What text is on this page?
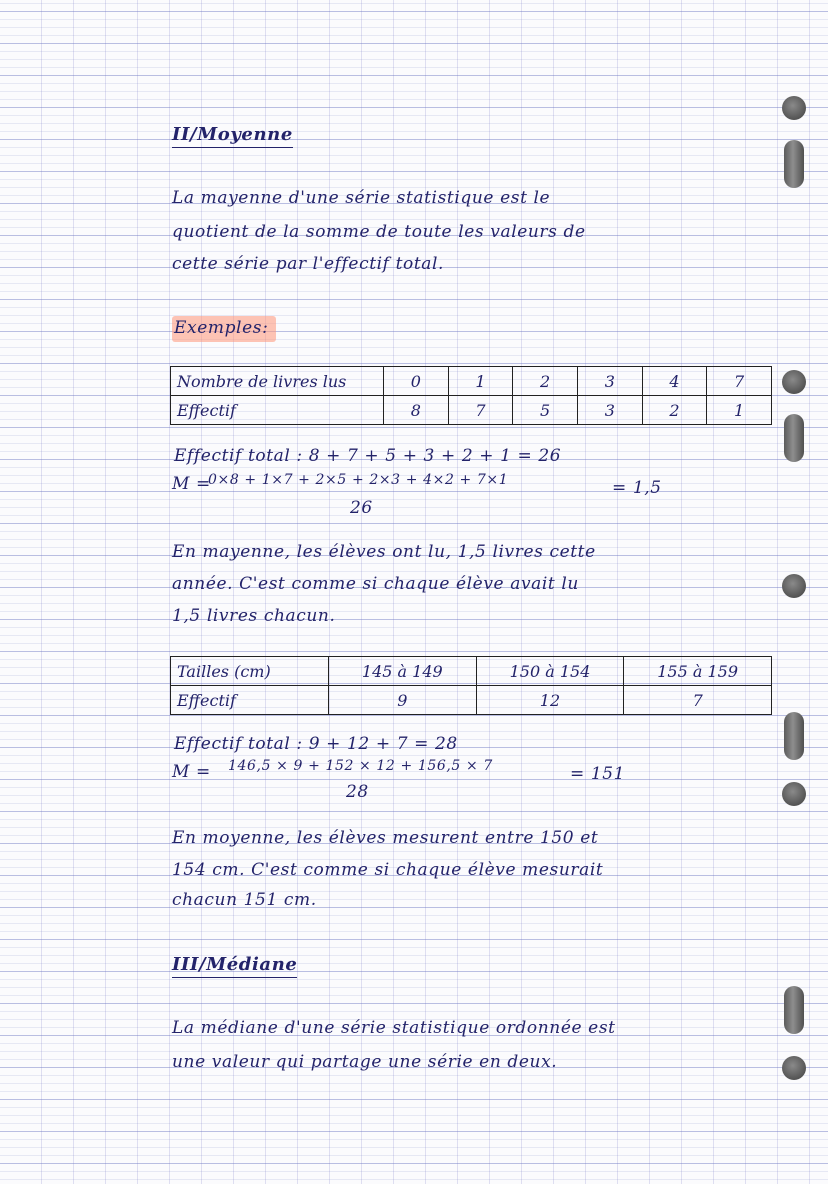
II/Moyenne

La mayenne d'une série statistique est le

quotient de la somme de toute les valeurs de

cette série par l'effectif total.

Exemples:

Nombre de livres lus	0	1	2	3	4	7
Effectif	8	7	5	3	2	1

Effectif total : 8 + 7 + 5 + 3 + 2 + 1 = 26

M =

0×8 + 1×7 + 2×5 + 2×3 + 4×2 + 7×1	= 1,5

26

En mayenne, les élèves ont lu, 1,5 livres cette

année. C'est comme si chaque élève avait lu

1,5 livres chacun.

Tailles (cm)	145 à 149	150 à 154	155 à 159
Effectif	9	12	7

Effectif total : 9 + 12 + 7 = 28

M = 146,5 × 9 + 152 × 12 + 156,5 × 7	= 151

28

En moyenne, les élèves mesurent entre 150 et

154 cm. C'est comme si chaque élève mesurait

chacun 151 cm.

III/Médiane

La médiane d'une série statistique ordonnée est

une valeur qui partage une série en deux.
